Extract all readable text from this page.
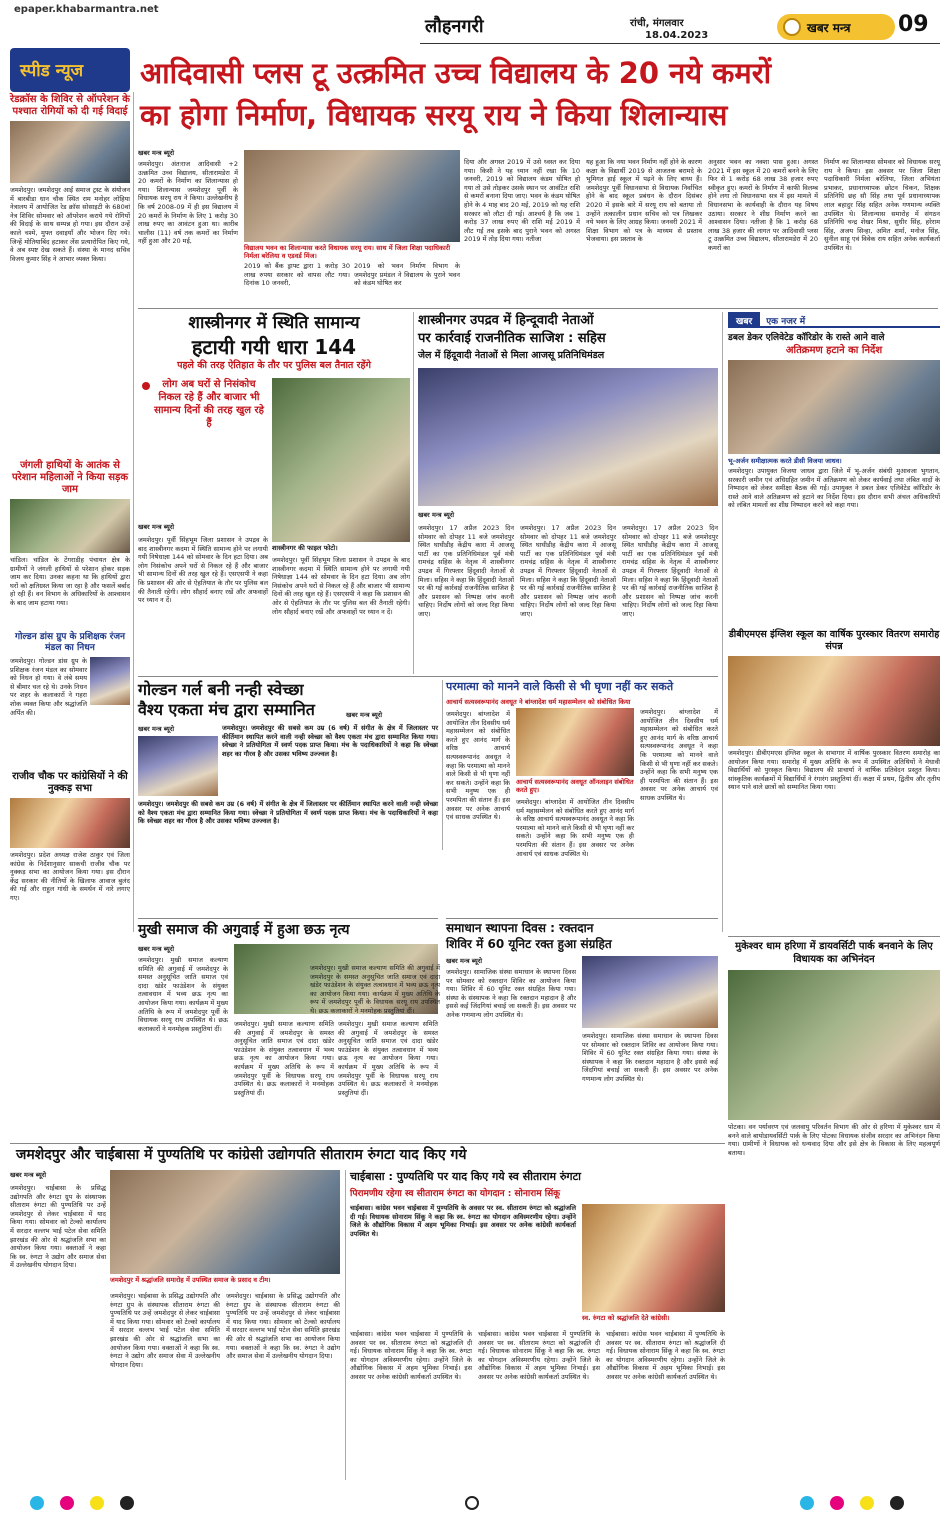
epaper.khabarmantra.net
लौहनगरी	रांची, मंगलवार
18.04.2023
खबर मन्त्र 09
स्पीड न्यूज आदिवासी प्लस टू उत्क्रमित उच्च विद्यालय के 20 नये कमरों
का होगा निर्माण, विधायक सरयू राय ने किया शिलान्यास
रेडक्रॉस के शिविर से ऑपरेशन के पश्चात रोगियों को दी गई विदाई
जमशेदपुर। जमशेदपुर आई समाज ट्रस्ट के संयोजन में बारबीडा धान चौक स्थित राम मनोहर लोहिया नेत्रालय में आयोजित रेड क्रॉस सोसाइटी के 680वां नेत्र शिविर सोमवार को ऑपरेशन कराये गये रोगियों की विदाई के साथ सम्पन्न हो गया। इस दौरान उन्हें काले चश्मे, मुफ्त दवाइयाँ और भोजन दिए गये। जिन्हें मोतियाबिंद हटाकर लेंस प्रत्यारोपित किए गये, वे अब स्पष्ट देख सकते हैं। संस्था के मानद सचिव विजय कुमार सिंह ने आभार व्यक्त किया।
जंगली हाथियों के आतंक से परेशान महिलाओं ने किया सड़क जाम
चांडिल। चांडिल के टेंगराडीह पंचायत क्षेत्र के ग्रामीणों ने जंगली हाथियों से परेशान होकर सड़क जाम कर दिया। उनका कहना था कि हाथियों द्वारा घरों को क्षतिग्रस्त किया जा रहा है और फसलें बर्बाद हो रही हैं। वन विभाग के अधिकारियों के आश्वासन के बाद जाम हटाया गया।
गोल्डन डांस ग्रुप के प्रशिक्षक रंजन मंडल का निधन
जमशेदपुर। गोल्डन डांस ग्रुप के प्रशिक्षक रंजन मंडल का सोमवार को निधन हो गया। वे लंबे समय से बीमार चल रहे थे। उनके निधन पर शहर के कलाकारों ने गहरा शोक व्यक्त किया और श्रद्धांजलि अर्पित की।
राजीव चौक पर कांग्रेसियों ने की नुक्कड़ सभा
जमशेदपुर। प्रदेश अध्यक्ष राजेश ठाकुर एवं जिला कांग्रेस के निर्देशानुसार साकची राजीव चौक पर नुक्कड़ सभा का आयोजन किया गया। इस दौरान केंद्र सरकार की नीतियों के खिलाफ आवाज बुलंद की गई और राहुल गांधी के समर्थन में नारे लगाए गए।
खबर मन्त्र ब्यूरो
जमशेदपुर। अंतःराज आदिवासी +2 उत्क्रमित उच्च विद्यालय, सीतारामडेरा में 20 कमरों के निर्माण का शिलान्यास हो गया। शिलान्यास जमशेदपुर पूर्वी के विधायक सरयू राय ने किया। उल्लेखनीय है कि वर्ष 2008-09 में ही इस विद्यालय में 20 कमरों के निर्माण के लिए 1 करोड़ 30 लाख रुपए का आवंटन हुआ था। कारीब चालीस (11) वर्ष तक कमरों का निर्माण नहीं हुआ और 20 मई,
विद्यालय भवन का शिलान्यास करते विधायक सरयू राय। साथ में जिला शिक्षा पदाधिकारी निर्मला बरेलिया व एडवर्ड मिंज।
2019 को बैंक ड्राफ्ट द्वारा 1 करोड़ 30 लाख रुपया सरकार को वापस लौट गया। दिनांक 10 जनवरी,
2019 को भवन निर्माण विभाग के जमशेदपुर प्रमंडल ने विद्यालय के पुराने भवन को कंडम घोषित कर
दिया और अगस्त 2019 में उसे ध्वस्त कर दिया गया। किसी ने यह ध्यान नहीं रखा कि 10 जनवरी, 2019 को विद्यालय कंडम घोषित हो गया तो उसे तोड़कर उसके स्थान पर आवंटित राशि से कमरों बनाना दिया जाए। भवन के कंडम घोषित होने के 4 माह बाद 20 मई, 2019 को यह राशि सरकार को लौटा दी गई। आश्चर्य है कि जब 1 करोड़ 37 लाख रुपए की राशि मई 2019 में लौट गई तब इसके बाद पुराने भवन को अगस्त 2019 में तोड़ दिया गया। नतीजा
यह हुआ कि नया भवन निर्माण नहीं होने के कारण कक्षा के विद्यार्थी 2019 से आजतक बरामदे के भूमिगत हाई स्कूल में पढ़ने के लिए बाध्य हैं। जमशेदपुर पूर्वी विधानसभा से विधायक निर्वाचित होने के बाद स्कूल प्रबंधन के दौरान दिसंबर 2020 में इसके बारे में सरयू राय को बताया तो उन्होंने तत्कालीन प्रधान सचिव को पत्र लिखकर नये भवन के लिए आग्रह किया। जनवरी 2021 में शिक्षा विभाग को पत्र के माध्यम से प्रस्ताव भेजवाया। इस प्रस्ताव के
अनुसार भवन का नक्शा पास हुआ। अगस्त 2021 में इस स्कूल में 20 कमरों बनने के लिए फिर से 1 करोड़ 68 लाख 38 हजार रुपए स्वीकृत हुए। कमरों के निर्माण में काफी विलम्ब होने लगा तो विधानसभा सत्र में इस मामले में विधानसभा के कार्यवाही के दौरान यह विषय उठाया। सरकार ने शीघ्र निर्माण करने का आश्वासन दिया। नतीजा है कि 1 करोड़ 68 लाख 38 हजार की लागत पर आदिवासी प्लस टू उत्क्रमित उच्च विद्यालय, सीतारामडेरा में 20 कमरों का
निर्माण का शिलान्यास सोमवार को विधायक सरयू राय ने किया। इस अवसर पर जिला शिक्षा पदाधिकारी निर्मला बरेलिया, जिला अभियंता प्रभाकर, प्रधानाध्यापक छोटन चिकन, शिक्षक प्रतिनिधि छह सौ सिंह तथा पूर्व प्रधानाध्यापक लाल बहादुर सिंह सहित अनेक गणमान्य व्यक्ति उपस्थित थे। शिलान्यास समारोह में संगठन प्रतिनिधि चन्द्र शेखर मिश्रा, सुधीर सिंह, हरेराम सिंह, अजय सिन्हा, अमित शर्मा, मनोज सिंह, सुनील साहू एवं विवेक राय सहित अनेक कार्यकर्ता उपस्थित थे।
शास्त्रीनगर में स्थिति सामान्य
हटायी गयी धारा 144
पहले की तरह ऐतिहात के तौर पर पुलिस बल तैनात रहेंगे
लोग अब घरों से निसंकोच निकल रहे हैं और बाजार भी सामान्य दिनों की तरह खुल रहे हैं
शास्त्रीनगर की फाइल फोटो।
खबर मन्त्र ब्यूरो
जमशेदपुर। पूर्वी सिंहभूम जिला प्रशासन ने उपद्रव के बाद शास्त्रीनगर कदमा में स्थिति सामान्य होने पर लगायी गयी निषेधाज्ञा 144 को सोमवार के दिन हटा दिया। अब लोग निसंकोच अपने घरों से निकल रहे हैं और बाजार भी सामान्य दिनों की तरह खुल रहे हैं। एसएसपी ने कहा कि प्रशासन की ओर से ऐहतियात के तौर पर पुलिस बल की तैनाती रहेगी। लोग सौहार्द बनाए रखें और अफवाहों पर ध्यान न दें।
जमशेदपुर। पूर्वी सिंहभूम जिला प्रशासन ने उपद्रव के बाद शास्त्रीनगर कदमा में स्थिति सामान्य होने पर लगायी गयी निषेधाज्ञा 144 को सोमवार के दिन हटा दिया। अब लोग निसंकोच अपने घरों से निकल रहे हैं और बाजार भी सामान्य दिनों की तरह खुल रहे हैं। एसएसपी ने कहा कि प्रशासन की ओर से ऐहतियात के तौर पर पुलिस बल की तैनाती रहेगी। लोग सौहार्द बनाए रखें और अफवाहों पर ध्यान न दें।
शास्त्रीनगर उपद्रव में हिन्दूवादी नेताओं
पर कार्रवाई राजनीतिक साजिश : सहिस
जेल में हिंदूवादी नेताओं से मिला आजसू प्रतिनिधिमंडल
खबर मन्त्र ब्यूरो
जमशेदपुर। 17 अप्रैल 2023 दिन सोमवार को दोपहर 11 बजे जमशेदपुर स्थित घाघीडीह केंद्रीय कारा में आजसू पार्टी का एक प्रतिनिधिमंडल पूर्व मंत्री रामचंद्र सहिस के नेतृत्व में शास्त्रीनगर उपद्रव में गिरफ्तार हिंदूवादी नेताओं से मिला। सहिस ने कहा कि हिंदूवादी नेताओं पर की गई कार्रवाई राजनीतिक साजिश है और प्रशासन को निष्पक्ष जांच करनी चाहिए। निर्दोष लोगों को जल्द रिहा किया जाए।
जमशेदपुर। 17 अप्रैल 2023 दिन सोमवार को दोपहर 11 बजे जमशेदपुर स्थित घाघीडीह केंद्रीय कारा में आजसू पार्टी का एक प्रतिनिधिमंडल पूर्व मंत्री रामचंद्र सहिस के नेतृत्व में शास्त्रीनगर उपद्रव में गिरफ्तार हिंदूवादी नेताओं से मिला। सहिस ने कहा कि हिंदूवादी नेताओं पर की गई कार्रवाई राजनीतिक साजिश है और प्रशासन को निष्पक्ष जांच करनी चाहिए। निर्दोष लोगों को जल्द रिहा किया जाए।
जमशेदपुर। 17 अप्रैल 2023 दिन सोमवार को दोपहर 11 बजे जमशेदपुर स्थित घाघीडीह केंद्रीय कारा में आजसू पार्टी का एक प्रतिनिधिमंडल पूर्व मंत्री रामचंद्र सहिस के नेतृत्व में शास्त्रीनगर उपद्रव में गिरफ्तार हिंदूवादी नेताओं से मिला। सहिस ने कहा कि हिंदूवादी नेताओं पर की गई कार्रवाई राजनीतिक साजिश है और प्रशासन को निष्पक्ष जांच करनी चाहिए। निर्दोष लोगों को जल्द रिहा किया जाए।
खबर	एक नजर में
डबल डेकर एलिवेटेड कॉरिडोर के रास्ते आने वाले
अतिक्रमण हटाने का निर्देश
भू-अर्जन समीक्षात्मक करते डीसी विजया जाधव।
जमशेदपुर। उपायुक्त विजया जाधव द्वारा जिले में भू-अर्जन संबंधी मुआवजा भुगतान, सरकारी जमीन एवं अधिग्रहित जमीन में अतिक्रमण को लेकर कार्यवाई तथा लंबित वादों के निष्पादन को लेकर समीक्षा बैठक की गई। उपायुक्त ने डबल डेकर एलिवेटेड कॉरिडोर के रास्ते आने वाले अतिक्रमण को हटाने का निर्देश दिया। इस दौरान सभी अंचल अधिकारियों को लंबित मामलों का शीघ्र निष्पादन करने को कहा गया।
डीबीएमएस इंग्लिश स्कूल का वार्षिक पुरस्कार वितरण समारोह संपन्न
जमशेदपुर। डीबीएमएस इंग्लिश स्कूल के सभागार में वार्षिक पुरस्कार वितरण समारोह का आयोजन किया गया। समारोह में मुख्य अतिथि के रूप में उपस्थित अतिथियों ने मेधावी विद्यार्थियों को पुरस्कृत किया। विद्यालय की प्राचार्या ने वार्षिक प्रतिवेदन प्रस्तुत किया। सांस्कृतिक कार्यक्रमों में विद्यार्थियों ने रंगारंग प्रस्तुतियां दीं। कक्षा में प्रथम, द्वितीय और तृतीय स्थान पाने वाले छात्रों को सम्मानित किया गया।
गोल्डन गर्ल बनी नन्ही स्वेच्छा
वैश्य एकता मंच द्वारा सम्मानित
खबर मन्त्र ब्यूरो	जमशेदपुर। जमशेदपुर की सबसे कम उम्र (6 वर्ष) में संगीत के क्षेत्र में जिलास्तर पर कीर्तिमान स्थापित करने वाली नन्ही स्वेच्छा को वैश्य एकता मंच द्वारा सम्मानित किया गया। स्वेच्छा ने प्रतियोगिता में स्वर्ण पदक प्राप्त किया। मंच के पदाधिकारियों ने कहा कि स्वेच्छा शहर का गौरव है और उसका भविष्य उज्ज्वल है।
जमशेदपुर। जमशेदपुर की सबसे कम उम्र (6 वर्ष) में संगीत के क्षेत्र में जिलास्तर पर कीर्तिमान स्थापित करने वाली नन्ही स्वेच्छा को वैश्य एकता मंच द्वारा सम्मानित किया गया। स्वेच्छा ने प्रतियोगिता में स्वर्ण पदक प्राप्त किया। मंच के पदाधिकारियों ने कहा कि स्वेच्छा शहर का गौरव है और उसका भविष्य उज्ज्वल है।
परमात्मा को मानने वाले किसी से भी घृणा नहीं कर सकते
आचार्य सत्यस्वरूपानंद अवधूत ने बांग्लादेश धर्म महासम्मेलन को संबोधित किया
खबर मन्त्र ब्यूरो
आचार्य सत्यस्वरूपानंद अवधूत ऑनलाइन संबोधित करते हुए।
जमशेदपुर। बांग्लादेश में आयोजित तीन दिवसीय धर्म महासम्मेलन को संबोधित करते हुए आनंद मार्ग के वरिष्ठ आचार्य सत्यस्वरूपानंद अवधूत ने कहा कि परमात्मा को मानने वाले किसी से भी घृणा नहीं कर सकते। उन्होंने कहा कि सभी मनुष्य एक ही परमपिता की संतान हैं। इस अवसर पर अनेक आचार्य एवं साधक उपस्थित थे।
जमशेदपुर। बांग्लादेश में आयोजित तीन दिवसीय धर्म महासम्मेलन को संबोधित करते हुए आनंद मार्ग के वरिष्ठ आचार्य सत्यस्वरूपानंद अवधूत ने कहा कि परमात्मा को मानने वाले किसी से भी घृणा नहीं कर सकते। उन्होंने कहा कि सभी मनुष्य एक ही परमपिता की संतान हैं। इस अवसर पर अनेक आचार्य एवं साधक उपस्थित थे।
जमशेदपुर। बांग्लादेश में आयोजित तीन दिवसीय धर्म महासम्मेलन को संबोधित करते हुए आनंद मार्ग के वरिष्ठ आचार्य सत्यस्वरूपानंद अवधूत ने कहा कि परमात्मा को मानने वाले किसी से भी घृणा नहीं कर सकते। उन्होंने कहा कि सभी मनुष्य एक ही परमपिता की संतान हैं। इस अवसर पर अनेक आचार्य एवं साधक उपस्थित थे।
मुखी समाज की अगुवाई में हुआ छऊ नृत्य
खबर मन्त्र ब्यूरो
जमशेदपुर। मुखी समाज कल्याण समिति की अगुवाई में जमशेदपुर के समस्त अनुसूचित जाति समाज एवं दादा खंडेर फाउंडेशन के संयुक्त तत्वावधान में भव्य छऊ नृत्य का आयोजन किया गया। कार्यक्रम में मुख्य अतिथि के रूप में जमशेदपुर पूर्वी के विधायक सरयू राय उपस्थित थे। छऊ कलाकारों ने मनमोहक प्रस्तुतियां दीं।
जमशेदपुर। मुखी समाज कल्याण समिति की अगुवाई में जमशेदपुर के समस्त अनुसूचित जाति समाज एवं दादा खंडेर फाउंडेशन के संयुक्त तत्वावधान में भव्य छऊ नृत्य का आयोजन किया गया। कार्यक्रम में मुख्य अतिथि के रूप में जमशेदपुर पूर्वी के विधायक सरयू राय उपस्थित थे। छऊ कलाकारों ने मनमोहक प्रस्तुतियां दीं।
जमशेदपुर। मुखी समाज कल्याण समिति की अगुवाई में जमशेदपुर के समस्त अनुसूचित जाति समाज एवं दादा खंडेर फाउंडेशन के संयुक्त तत्वावधान में भव्य छऊ नृत्य का आयोजन किया गया। कार्यक्रम में मुख्य अतिथि के रूप में जमशेदपुर पूर्वी के विधायक सरयू राय उपस्थित थे। छऊ कलाकारों ने मनमोहक प्रस्तुतियां दीं।
जमशेदपुर। मुखी समाज कल्याण समिति की अगुवाई में जमशेदपुर के समस्त अनुसूचित जाति समाज एवं दादा खंडेर फाउंडेशन के संयुक्त तत्वावधान में भव्य छऊ नृत्य का आयोजन किया गया। कार्यक्रम में मुख्य अतिथि के रूप में जमशेदपुर पूर्वी के विधायक सरयू राय उपस्थित थे। छऊ कलाकारों ने मनमोहक प्रस्तुतियां दीं।
समाधान स्थापना दिवस : रक्तदान
शिविर में 60 यूनिट रक्त हुआ संग्रहित
खबर मन्त्र ब्यूरो
जमशेदपुर। सामाजिक संस्था समाधान के स्थापना दिवस पर सोमवार को रक्तदान शिविर का आयोजन किया गया। शिविर में 60 यूनिट रक्त संग्रहित किया गया। संस्था के संस्थापक ने कहा कि रक्तदान महादान है और इससे कई जिंदगियां बचाई जा सकती हैं। इस अवसर पर अनेक गणमान्य लोग उपस्थित थे।
जमशेदपुर। सामाजिक संस्था समाधान के स्थापना दिवस पर सोमवार को रक्तदान शिविर का आयोजन किया गया। शिविर में 60 यूनिट रक्त संग्रहित किया गया। संस्था के संस्थापक ने कहा कि रक्तदान महादान है और इससे कई जिंदगियां बचाई जा सकती हैं। इस अवसर पर अनेक गणमान्य लोग उपस्थित थे।
मुकेश्वर धाम हरिणा में डायवर्सिटी पार्क बनवाने के लिए विधायक का अभिनंदन
पोटका। वन पर्यावरण एवं जलवायु परिवर्तन विभाग की ओर से हरिणा में मुकेश्वर धाम में बनने वाले बायोडायवर्सिटी पार्क के लिए पोटका विधायक संजीव सरदार का अभिनंदन किया गया। ग्रामीणों ने विधायक को धन्यवाद दिया और इसे क्षेत्र के विकास के लिए महत्वपूर्ण बताया।
जमशेदपुर और चाईबासा में पुण्यतिथि पर कांग्रेसी उद्योगपति सीताराम रुंगटा याद किए गये
खबर मन्त्र ब्यूरो
जमशेदपुर। चाईबासा के प्रसिद्ध उद्योगपति और रुंगटा ग्रुप के संस्थापक सीताराम रुंगटा की पुण्यतिथि पर उन्हें जमशेदपुर से लेकर चाईबासा में याद किया गया। सोमवार को टेल्को कार्यालय में सरदार वल्लभ भाई पटेल सेवा समिति झारखंड की ओर से श्रद्धांजलि सभा का आयोजन किया गया। वक्ताओं ने कहा कि स्व. रुंगटा ने उद्योग और समाज सेवा में उल्लेखनीय योगदान दिया।
जमशेदपुर में श्रद्धांजलि समारोह में उपस्थित समाज के प्रसाद व टीम।
जमशेदपुर। चाईबासा के प्रसिद्ध उद्योगपति और रुंगटा ग्रुप के संस्थापक सीताराम रुंगटा की पुण्यतिथि पर उन्हें जमशेदपुर से लेकर चाईबासा में याद किया गया। सोमवार को टेल्को कार्यालय में सरदार वल्लभ भाई पटेल सेवा समिति झारखंड की ओर से श्रद्धांजलि सभा का आयोजन किया गया। वक्ताओं ने कहा कि स्व. रुंगटा ने उद्योग और समाज सेवा में उल्लेखनीय योगदान दिया।
जमशेदपुर। चाईबासा के प्रसिद्ध उद्योगपति और रुंगटा ग्रुप के संस्थापक सीताराम रुंगटा की पुण्यतिथि पर उन्हें जमशेदपुर से लेकर चाईबासा में याद किया गया। सोमवार को टेल्को कार्यालय में सरदार वल्लभ भाई पटेल सेवा समिति झारखंड की ओर से श्रद्धांजलि सभा का आयोजन किया गया। वक्ताओं ने कहा कि स्व. रुंगटा ने उद्योग और समाज सेवा में उल्लेखनीय योगदान दिया।
चाईबासा : पुण्यतिथि पर याद किए गये स्व सीताराम रुंगटा
पिरामणीय रहेगा स्व सीताराम रुंगटा का योगदान : सोनाराम सिंकू
चाईबासा। कांग्रेस भवन चाईबासा में पुण्यतिथि के अवसर पर स्व. सीताराम रुंगटा को श्रद्धांजलि दी गई। विधायक सोनाराम सिंकू ने कहा कि स्व. रुंगटा का योगदान अविस्मरणीय रहेगा। उन्होंने जिले के औद्योगिक विकास में अहम भूमिका निभाई। इस अवसर पर अनेक कांग्रेसी कार्यकर्ता उपस्थित थे।
स्व. रुंगटा को श्रद्धांजलि देते कांग्रेसी।
चाईबासा। कांग्रेस भवन चाईबासा में पुण्यतिथि के अवसर पर स्व. सीताराम रुंगटा को श्रद्धांजलि दी गई। विधायक सोनाराम सिंकू ने कहा कि स्व. रुंगटा का योगदान अविस्मरणीय रहेगा। उन्होंने जिले के औद्योगिक विकास में अहम भूमिका निभाई। इस अवसर पर अनेक कांग्रेसी कार्यकर्ता उपस्थित थे।
चाईबासा। कांग्रेस भवन चाईबासा में पुण्यतिथि के अवसर पर स्व. सीताराम रुंगटा को श्रद्धांजलि दी गई। विधायक सोनाराम सिंकू ने कहा कि स्व. रुंगटा का योगदान अविस्मरणीय रहेगा। उन्होंने जिले के औद्योगिक विकास में अहम भूमिका निभाई। इस अवसर पर अनेक कांग्रेसी कार्यकर्ता उपस्थित थे।
चाईबासा। कांग्रेस भवन चाईबासा में पुण्यतिथि के अवसर पर स्व. सीताराम रुंगटा को श्रद्धांजलि दी गई। विधायक सोनाराम सिंकू ने कहा कि स्व. रुंगटा का योगदान अविस्मरणीय रहेगा। उन्होंने जिले के औद्योगिक विकास में अहम भूमिका निभाई। इस अवसर पर अनेक कांग्रेसी कार्यकर्ता उपस्थित थे।
